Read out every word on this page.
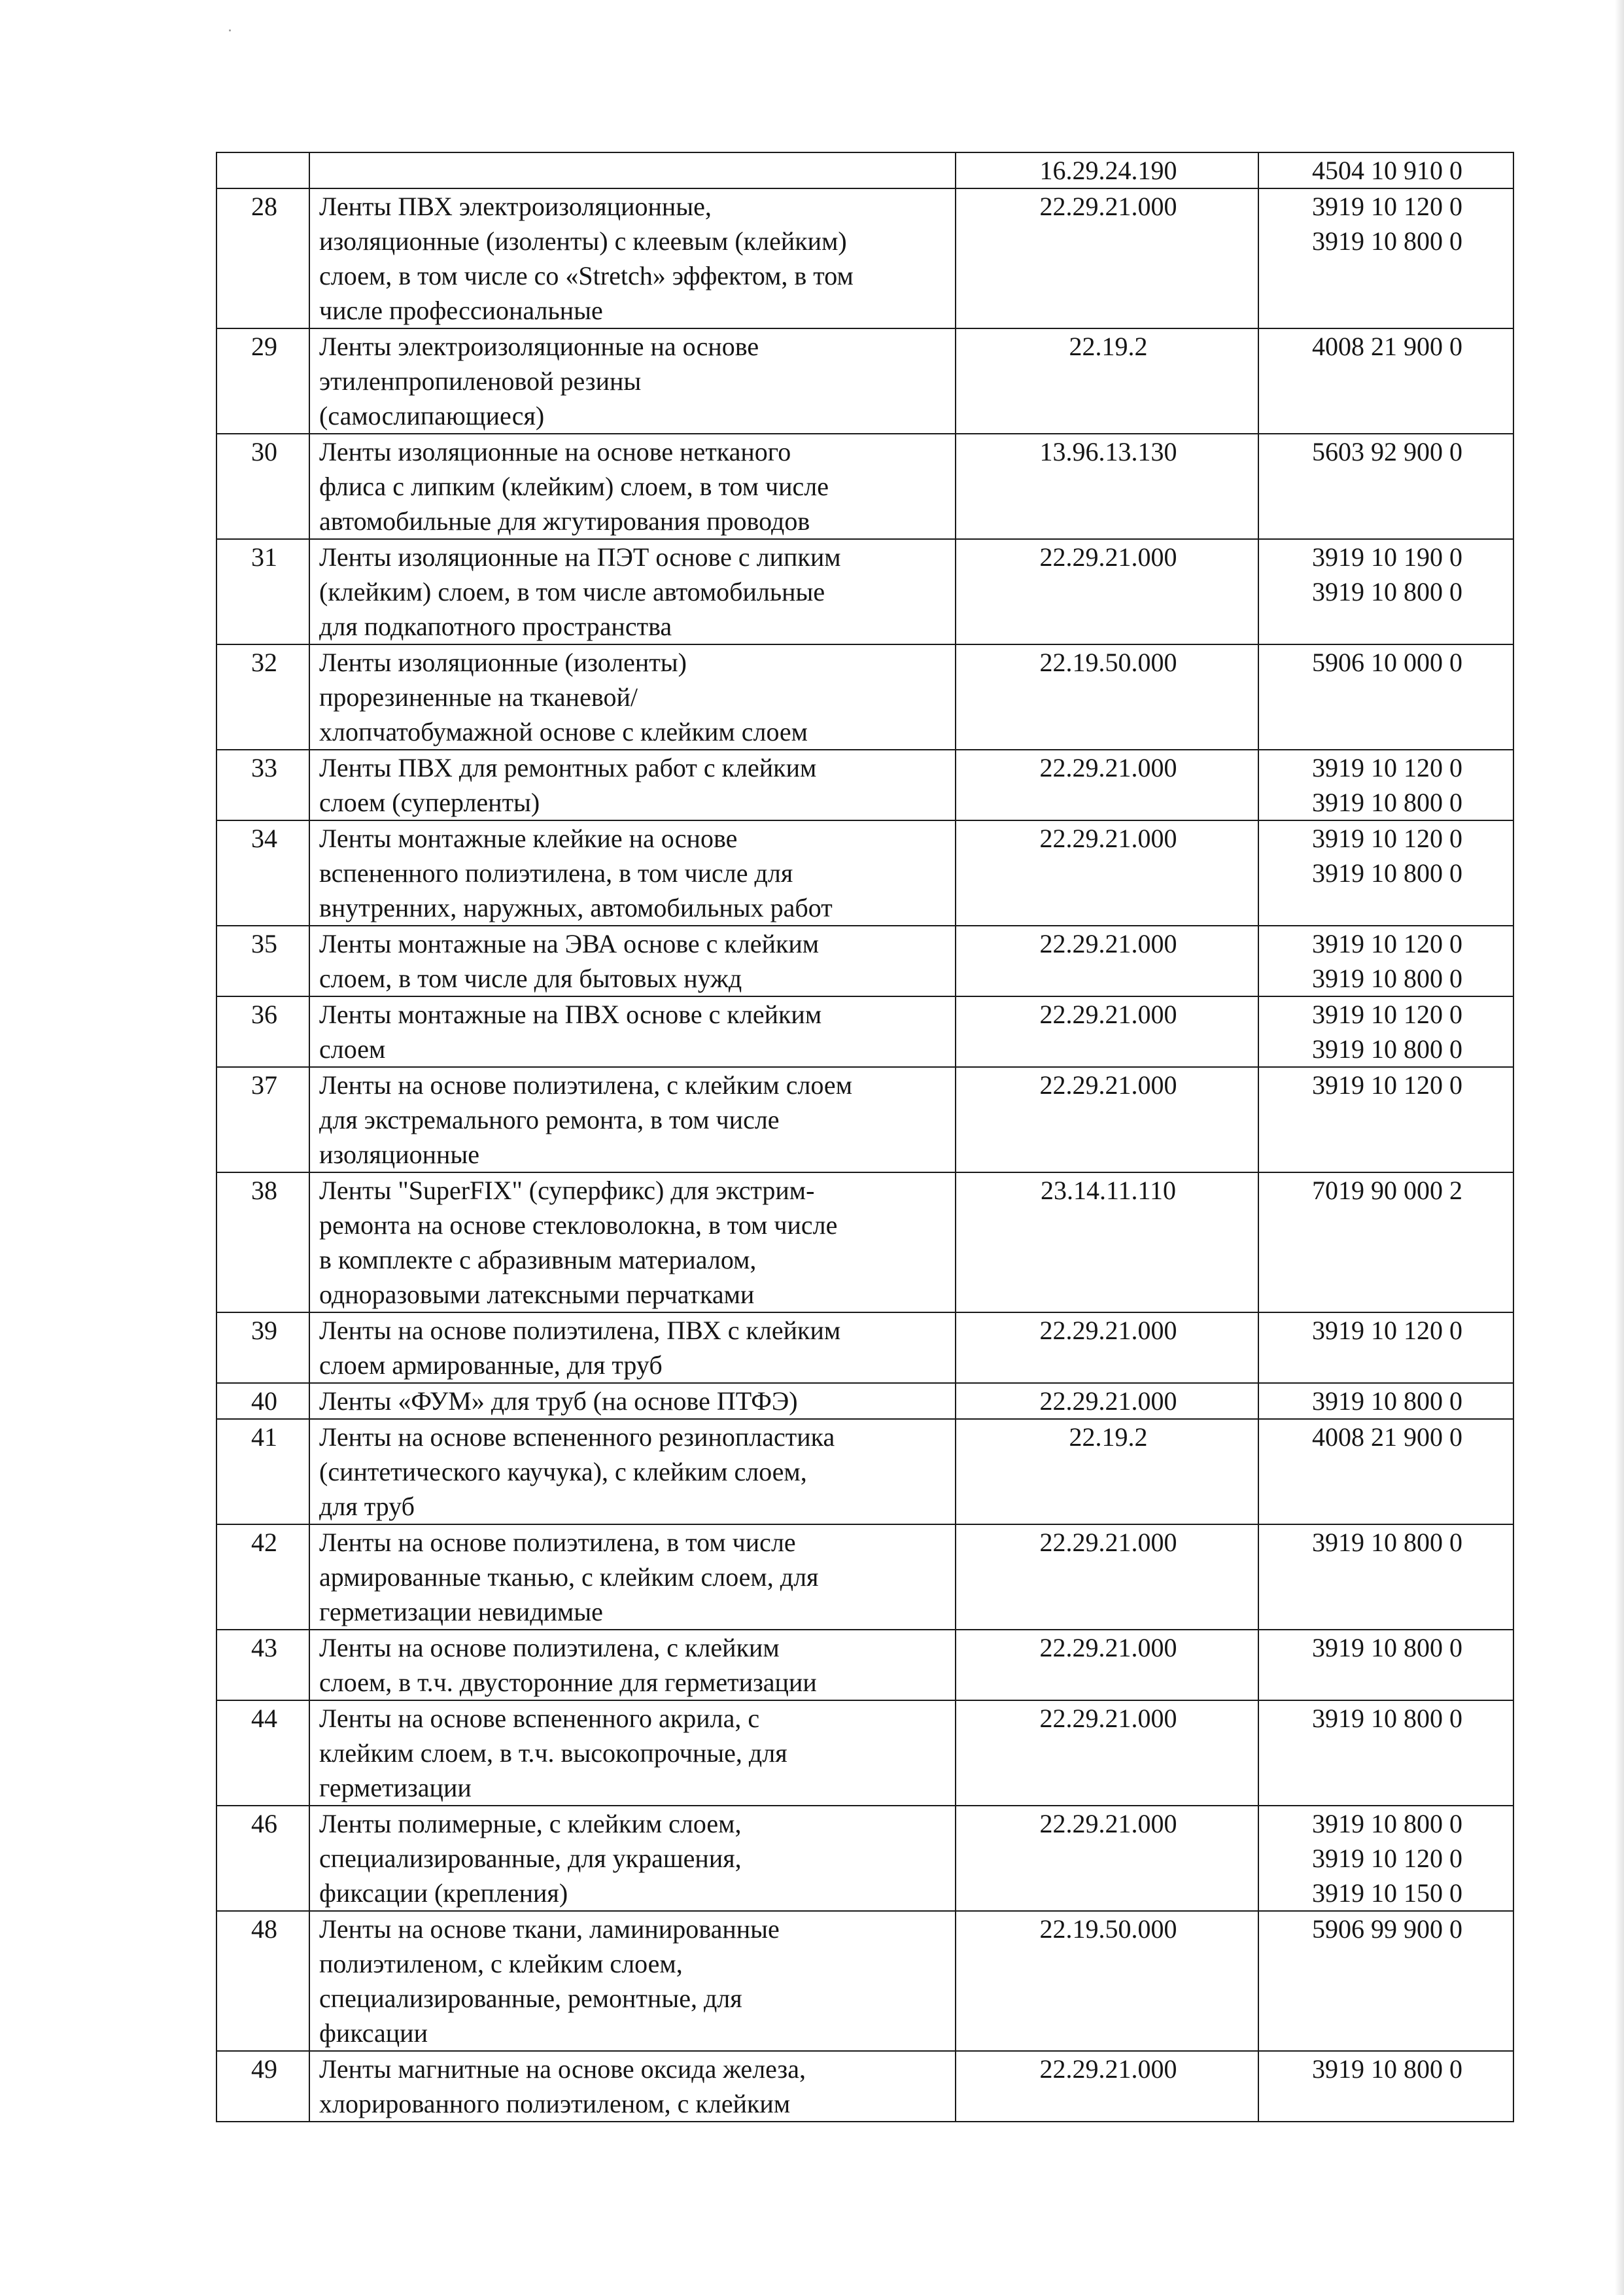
		16.29.24.190	4504 10 910 0
28	Ленты ПВХ электроизоляционные,
изоляционные (изоленты) с клеевым (клейким)
слоем, в том числе со «Stretch» эффектом, в том
числе профессиональные	22.29.21.000	3919 10 120 0
3919 10 800 0
29	Ленты электроизоляционные на основе
этиленпропиленовой резины
(самослипающиеся)	22.19.2	4008 21 900 0
30	Ленты изоляционные на основе нетканого
флиса с липким (клейким) слоем, в том числе
автомобильные для жгутирования проводов	13.96.13.130	5603 92 900 0
31	Ленты изоляционные на ПЭТ основе с липким
(клейким) слоем, в том числе автомобильные
для подкапотного пространства	22.29.21.000	3919 10 190 0
3919 10 800 0
32	Ленты изоляционные (изоленты)
прорезиненные на тканевой/
хлопчатобумажной основе с клейким слоем	22.19.50.000	5906 10 000 0
33	Ленты ПВХ для ремонтных работ с клейким
слоем (суперленты)	22.29.21.000	3919 10 120 0
3919 10 800 0
34	Ленты монтажные клейкие на основе
вспененного полиэтилена, в том числе для
внутренних, наружных, автомобильных работ	22.29.21.000	3919 10 120 0
3919 10 800 0
35	Ленты монтажные на ЭВА основе с клейким
слоем, в том числе для бытовых нужд	22.29.21.000	3919 10 120 0
3919 10 800 0
36	Ленты монтажные на ПВХ основе с клейким
слоем	22.29.21.000	3919 10 120 0
3919 10 800 0
37	Ленты на основе полиэтилена, с клейким слоем
для экстремального ремонта, в том числе
изоляционные	22.29.21.000	3919 10 120 0
38	Ленты "SuperFIX" (суперфикс) для экстрим-
ремонта на основе стекловолокна, в том числе
в комплекте с абразивным материалом,
одноразовыми латексными перчатками	23.14.11.110	7019 90 000 2
39	Ленты на основе полиэтилена, ПВХ с клейким
слоем армированные, для труб	22.29.21.000	3919 10 120 0
40	Ленты «ФУМ» для труб (на основе ПТФЭ)	22.29.21.000	3919 10 800 0
41	Ленты на основе вспененного резинопластика
(синтетического каучука), с клейким слоем,
для труб	22.19.2	4008 21 900 0
42	Ленты на основе полиэтилена, в том числе
армированные тканью, с клейким слоем, для
герметизации невидимые	22.29.21.000	3919 10 800 0
43	Ленты на основе полиэтилена, с клейким
слоем, в т.ч. двусторонние для герметизации	22.29.21.000	3919 10 800 0
44	Ленты на основе вспененного акрила, с
клейким слоем, в т.ч. высокопрочные, для
герметизации	22.29.21.000	3919 10 800 0
46	Ленты полимерные, с клейким слоем,
специализированные, для украшения,
фиксации (крепления)	22.29.21.000	3919 10 800 0
3919 10 120 0
3919 10 150 0
48	Ленты на основе ткани, ламинированные
полиэтиленом, с клейким слоем,
специализированные, ремонтные, для
фиксации	22.19.50.000	5906 99 900 0
49	Ленты магнитные на основе оксида железа,
хлорированного полиэтиленом, с клейким	22.29.21.000	3919 10 800 0
